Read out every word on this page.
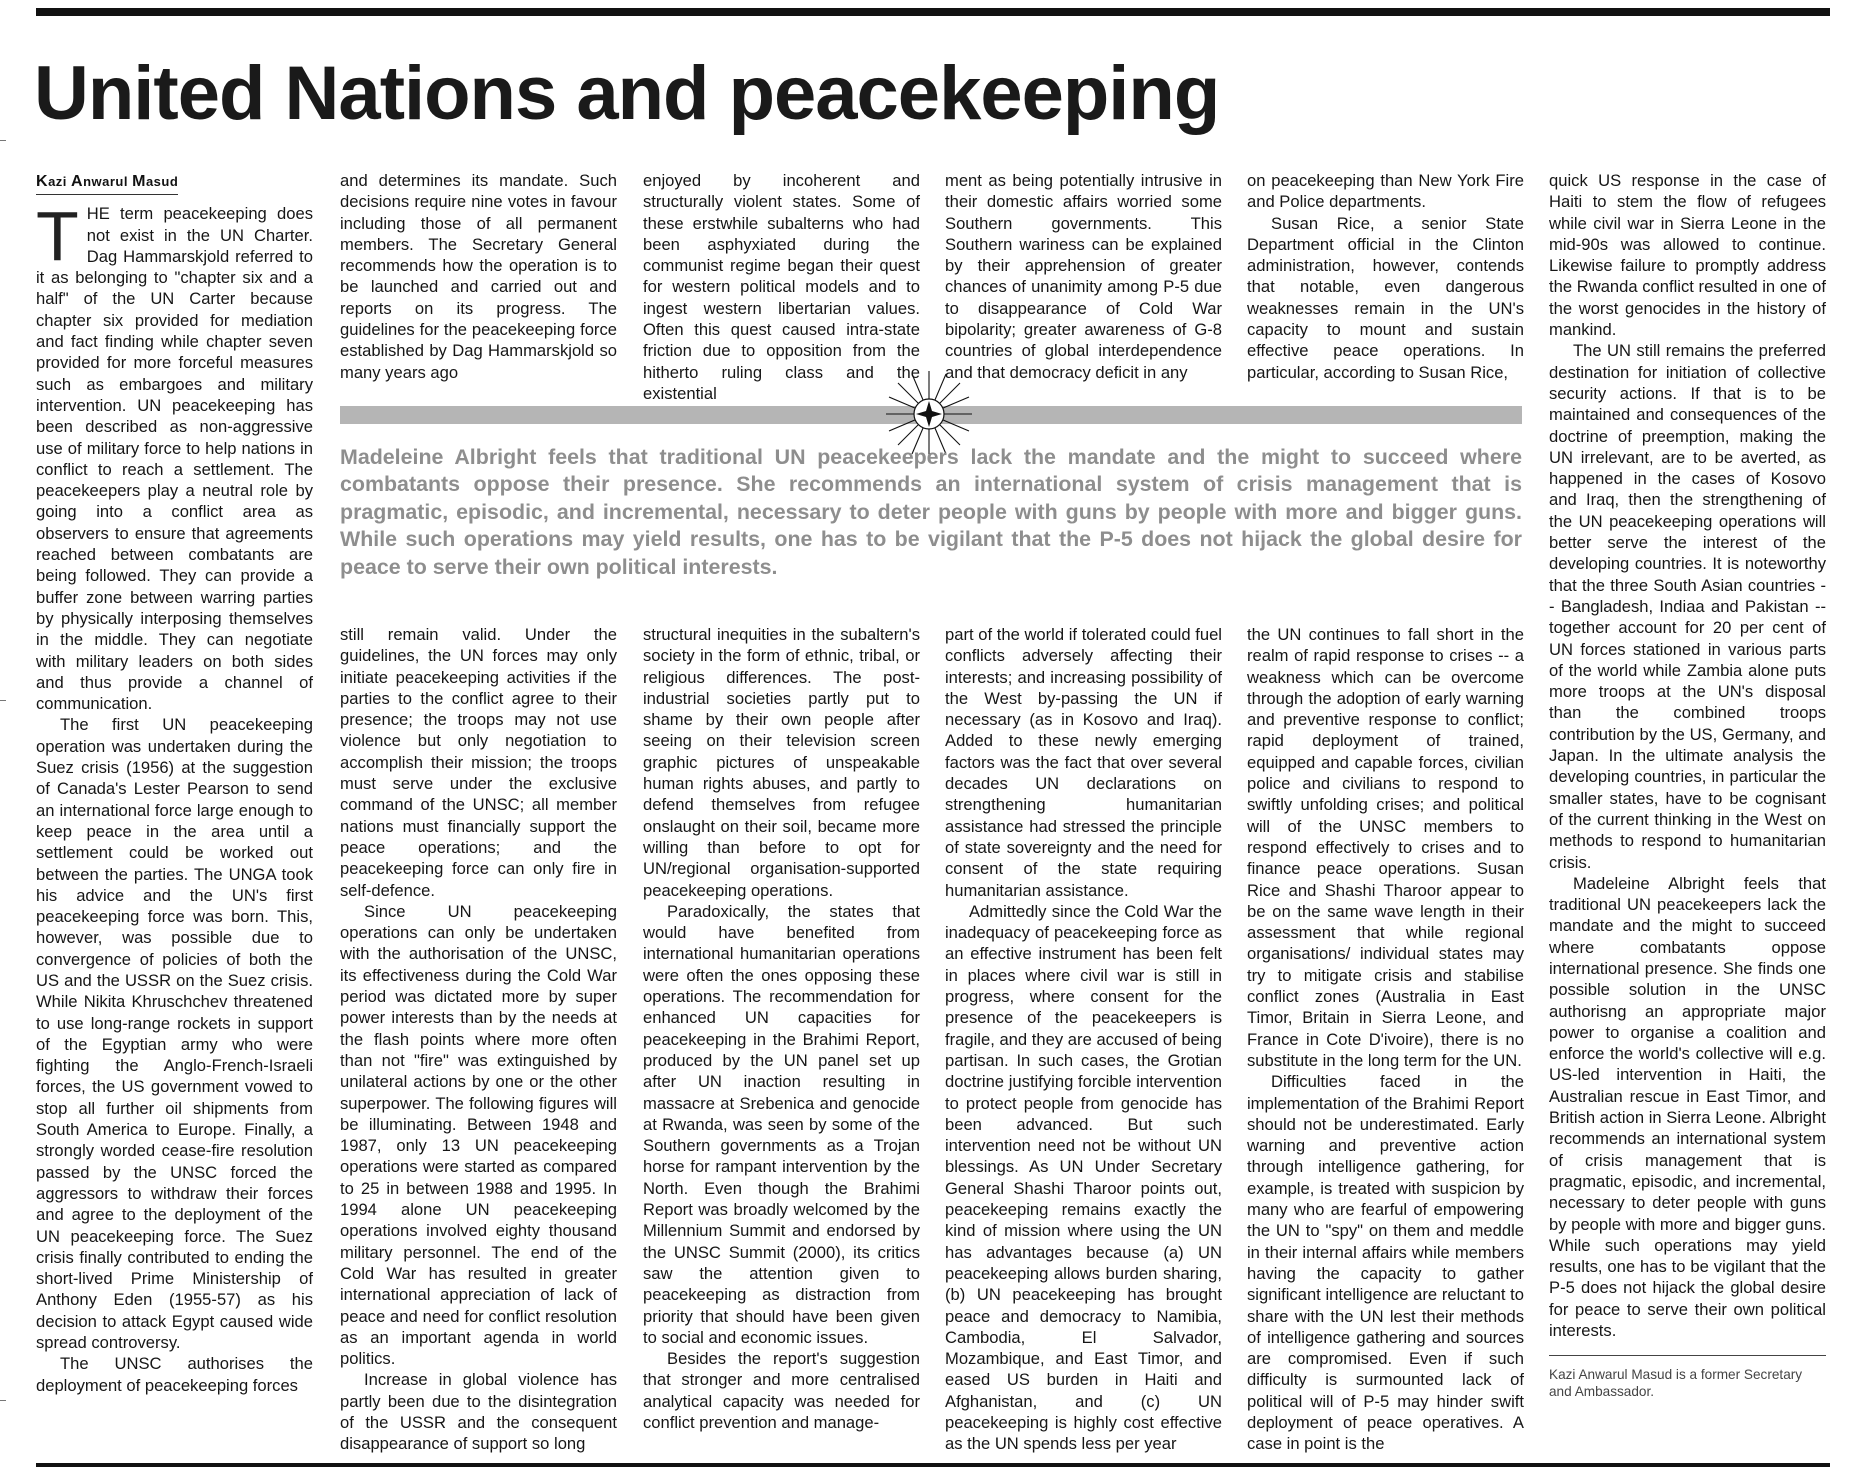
United Nations and peacekeeping
Kazi Anwarul Masud

THE term peacekeeping does not exist in the UN Charter. Dag Hammarskjold referred to it as belonging to "chapter six and a half" of the UN Carter because chapter six provided for mediation and fact finding while chapter seven provided for more forceful measures such as embargoes and military intervention. UN peacekeeping has been described as non-aggressive use of military force to help nations in conflict to reach a settlement. The peacekeepers play a neutral role by going into a conflict area as observers to ensure that agreements reached between combatants are being followed. They can provide a buffer zone between warring parties by physically interposing themselves in the middle. They can negotiate with military leaders on both sides and thus provide a channel of communication.

The first UN peacekeeping operation was undertaken during the Suez crisis (1956) at the suggestion of Canada's Lester Pearson to send an international force large enough to keep peace in the area until a settlement could be worked out between the parties. The UNGA took his advice and the UN's first peacekeeping force was born. This, however, was possible due to convergence of policies of both the US and the USSR on the Suez crisis. While Nikita Khruschchev threatened to use long-range rockets in support of the Egyptian army who were fighting the Anglo-French-Israeli forces, the US government vowed to stop all further oil shipments from South America to Europe. Finally, a strongly worded cease-fire resolution passed by the UNSC forced the aggressors to withdraw their forces and agree to the deployment of the UN peacekeeping force. The Suez crisis finally contributed to ending the short-lived Prime Ministership of Anthony Eden (1955-57) as his decision to attack Egypt caused wide spread controversy.

The UNSC authorises the deployment of peacekeeping forces

and determines its mandate. Such decisions require nine votes in favour including those of all permanent members. The Secretary General recommends how the operation is to be launched and carried out and reports on its progress. The guidelines for the peacekeeping force established by Dag Hammarskjold so many years ago

enjoyed by incoherent and structurally violent states. Some of these erstwhile subalterns who had been asphyxiated during the communist regime began their quest for western political models and to ingest western libertarian values. Often this quest caused intra-state friction due to opposition from the hitherto ruling class and the existential

ment as being potentially intrusive in their domestic affairs worried some Southern governments. This Southern wariness can be explained by their apprehension of greater chances of unanimity among P-5 due to disappearance of Cold War bipolarity; greater awareness of G-8 countries of global interdependence and that democracy deficit in any

on peacekeeping than New York Fire and Police departments.

Susan Rice, a senior State Department official in the Clinton administration, however, contends that notable, even dangerous weaknesses remain in the UN's capacity to mount and sustain effective peace operations. In particular, according to Susan Rice,

Madeleine Albright feels that traditional UN peacekeepers lack the mandate and the might to succeed where combatants oppose their presence. She recommends an international system of crisis management that is pragmatic, episodic, and incremental, necessary to deter people with guns by people with more and bigger guns. While such operations may yield results, one has to be vigilant that the P-5 does not hijack the global desire for peace to serve their own political interests.

still remain valid. Under the guidelines, the UN forces may only initiate peacekeeping activities if the parties to the conflict agree to their presence; the troops may not use violence but only negotiation to accomplish their mission; the troops must serve under the exclusive command of the UNSC; all member nations must financially support the peace operations; and the peacekeeping force can only fire in self-defence.

Since UN peacekeeping operations can only be undertaken with the authorisation of the UNSC, its effectiveness during the Cold War period was dictated more by super power interests than by the needs at the flash points where more often than not "fire" was extinguished by unilateral actions by one or the other superpower. The following figures will be illuminating. Between 1948 and 1987, only 13 UN peacekeeping operations were started as compared to 25 in between 1988 and 1995. In 1994 alone UN peacekeeping operations involved eighty thousand military personnel. The end of the Cold War has resulted in greater international appreciation of lack of peace and need for conflict resolution as an important agenda in world politics.

Increase in global violence has partly been due to the disintegration of the USSR and the consequent disappearance of support so long

structural inequities in the subaltern's society in the form of ethnic, tribal, or religious differences. The post-industrial societies partly put to shame by their own people after seeing on their television screen graphic pictures of unspeakable human rights abuses, and partly to defend themselves from refugee onslaught on their soil, became more willing than before to opt for UN/regional organisation-supported peacekeeping operations.

Paradoxically, the states that would have benefited from international humanitarian operations were often the ones opposing these operations. The recommendation for enhanced UN capacities for peacekeeping in the Brahimi Report, produced by the UN panel set up after UN inaction resulting in massacre at Srebenica and genocide at Rwanda, was seen by some of the Southern governments as a Trojan horse for rampant intervention by the North. Even though the Brahimi Report was broadly welcomed by the Millennium Summit and endorsed by the UNSC Summit (2000), its critics saw the attention given to peacekeeping as distraction from priority that should have been given to social and economic issues.

Besides the report's suggestion that stronger and more centralised analytical capacity was needed for conflict prevention and manage-

part of the world if tolerated could fuel conflicts adversely affecting their interests; and increasing possibility of the West by-passing the UN if necessary (as in Kosovo and Iraq). Added to these newly emerging factors was the fact that over several decades UN declarations on strengthening humanitarian assistance had stressed the principle of state sovereignty and the need for consent of the state requiring humanitarian assistance.

Admittedly since the Cold War the inadequacy of peacekeeping force as an effective instrument has been felt in places where civil war is still in progress, where consent for the presence of the peacekeepers is fragile, and they are accused of being partisan. In such cases, the Grotian doctrine justifying forcible intervention to protect people from genocide has been advanced. But such intervention need not be without UN blessings. As UN Under Secretary General Shashi Tharoor points out, peacekeeping remains exactly the kind of mission where using the UN has advantages because (a) UN peacekeeping allows burden sharing, (b) UN peacekeeping has brought peace and democracy to Namibia, Cambodia, El Salvador, Mozambique, and East Timor, and eased US burden in Haiti and Afghanistan, and (c) UN peacekeeping is highly cost effective as the UN spends less per year

the UN continues to fall short in the realm of rapid response to crises -- a weakness which can be overcome through the adoption of early warning and preventive response to conflict; rapid deployment of trained, equipped and capable forces, civilian police and civilians to respond to swiftly unfolding crises; and political will of the UNSC members to respond effectively to crises and to finance peace operations. Susan Rice and Shashi Tharoor appear to be on the same wave length in their assessment that while regional organisations/ individual states may try to mitigate crisis and stabilise conflict zones (Australia in East Timor, Britain in Sierra Leone, and France in Cote D'ivoire), there is no substitute in the long term for the UN.

Difficulties faced in the implementation of the Brahimi Report should not be underestimated. Early warning and preventive action through intelligence gathering, for example, is treated with suspicion by many who are fearful of empowering the UN to "spy" on them and meddle in their internal affairs while members having the capacity to gather significant intelligence are reluctant to share with the UN lest their methods of intelligence gathering and sources are compromised. Even if such difficulty is surmounted lack of political will of P-5 may hinder swift deployment of peace operatives. A case in point is the

quick US response in the case of Haiti to stem the flow of refugees while civil war in Sierra Leone in the mid-90s was allowed to continue. Likewise failure to promptly address the Rwanda conflict resulted in one of the worst genocides in the history of mankind.

The UN still remains the preferred destination for initiation of collective security actions. If that is to be maintained and consequences of the doctrine of preemption, making the UN irrelevant, are to be averted, as happened in the cases of Kosovo and Iraq, then the strengthening of the UN peacekeeping operations will better serve the interest of the developing countries. It is noteworthy that the three South Asian countries -- Bangladesh, Indiaa and Pakistan -- together account for 20 per cent of UN forces stationed in various parts of the world while Zambia alone puts more troops at the UN's disposal than the combined troops contribution by the US, Germany, and Japan. In the ultimate analysis the developing countries, in particular the smaller states, have to be cognisant of the current thinking in the West on methods to respond to humanitarian crisis.

Madeleine Albright feels that traditional UN peacekeepers lack the mandate and the might to succeed where combatants oppose international presence. She finds one possible solution in the UNSC authorisng an appropriate major power to organise a coalition and enforce the world's collective will e.g. US-led intervention in Haiti, the Australian rescue in East Timor, and British action in Sierra Leone. Albright recommends an international system of crisis management that is pragmatic, episodic, and incremental, necessary to deter people with guns by people with more and bigger guns. While such operations may yield results, one has to be vigilant that the P-5 does not hijack the global desire for peace to serve their own political interests.

Kazi Anwarul Masud is a former Secretary and Ambassador.
